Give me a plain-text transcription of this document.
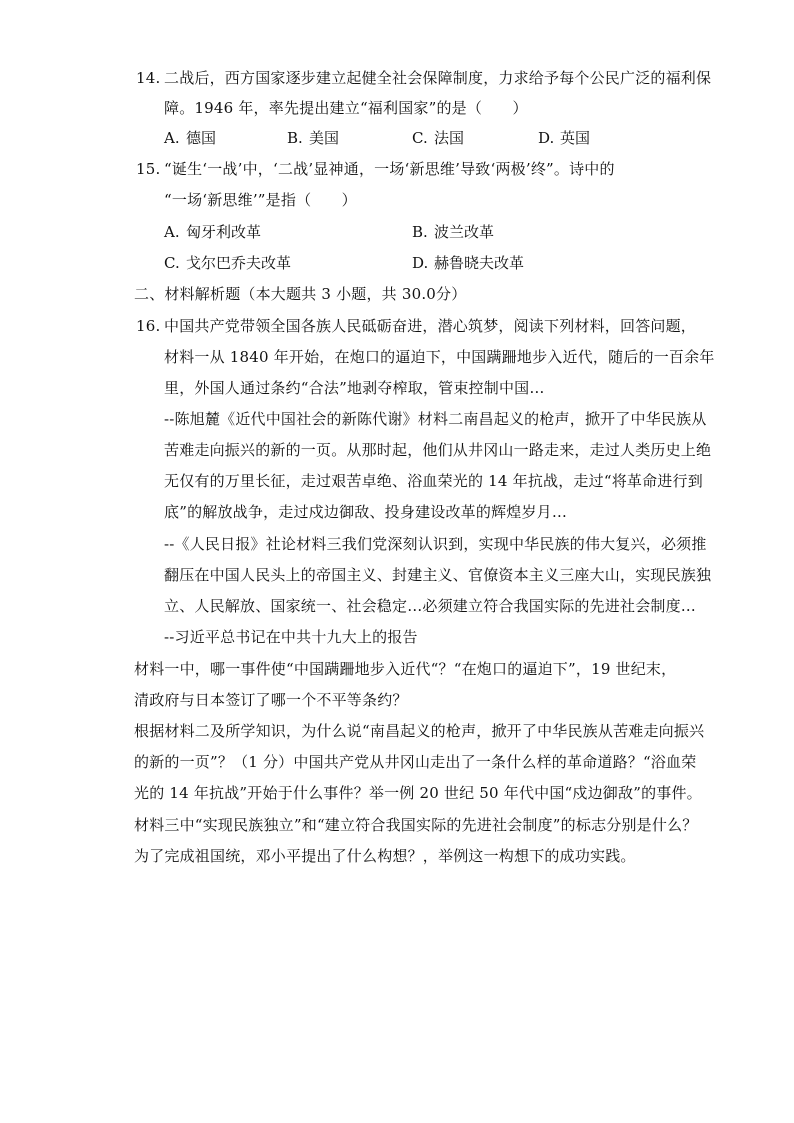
14. 二战后，西方国家逐步建立起健全社会保障制度，力求给予每个公民广泛的福利保
障。1946 年，率先提出建立“福利国家”的是（　　）
A. 德国	B. 美国	C. 法国	D. 英国
15. “诞生‘一战’中，‘二战’显神通，一场‘新思维’导致‘两极’终”。诗中的
“一场‘新思维’”是指（　　）
A. 匈牙利改革	B. 波兰改革
C. 戈尔巴乔夫改革	D. 赫鲁晓夫改革
二、材料解析题（本大题共 3 小题，共 30.0分）
16. 中国共产党带领全国各族人民砥砺奋进，潜心筑梦，阅读下列材料，回答问题，
材料一从 1840 年开始，在炮口的逼迫下，中国蹒跚地步入近代，随后的一百余年
里，外国人通过条约“合法”地剥夺榨取，管束控制中国…
--陈旭麓《近代中国社会的新陈代谢》材料二南昌起义的枪声，掀开了中华民族从
苦难走向振兴的新的一页。从那时起，他们从井冈山一路走来，走过人类历史上绝
无仅有的万里长征，走过艰苦卓绝、浴血荣光的 14 年抗战，走过“将革命进行到
底”的解放战争，走过戍边御敌、投身建设改革的辉煌岁月…
--《人民日报》社论材料三我们党深刻认识到，实现中华民族的伟大复兴，必须推
翻压在中国人民头上的帝国主义、封建主义、官僚资本主义三座大山，实现民族独
立、人民解放、国家统一、社会稳定…必须建立符合我国实际的先进社会制度…
--习近平总书记在中共十九大上的报告
材料一中，哪一事件使“中国蹒跚地步入近代“？“在炮口的逼迫下”，19 世纪末，
清政府与日本签订了哪一个不平等条约？
根据材料二及所学知识，为什么说“南昌起义的枪声，掀开了中华民族从苦难走向振兴
的新的一页”？（1 分）中国共产党从井冈山走出了一条什么样的革命道路？“浴血荣
光的 14 年抗战”开始于什么事件？举一例 20 世纪 50 年代中国“戍边御敌”的事件。
材料三中“实现民族独立”和“建立符合我国实际的先进社会制度”的标志分别是什么？
为了完成祖国统，邓小平提出了什么构想？，举例这一构想下的成功实践。
